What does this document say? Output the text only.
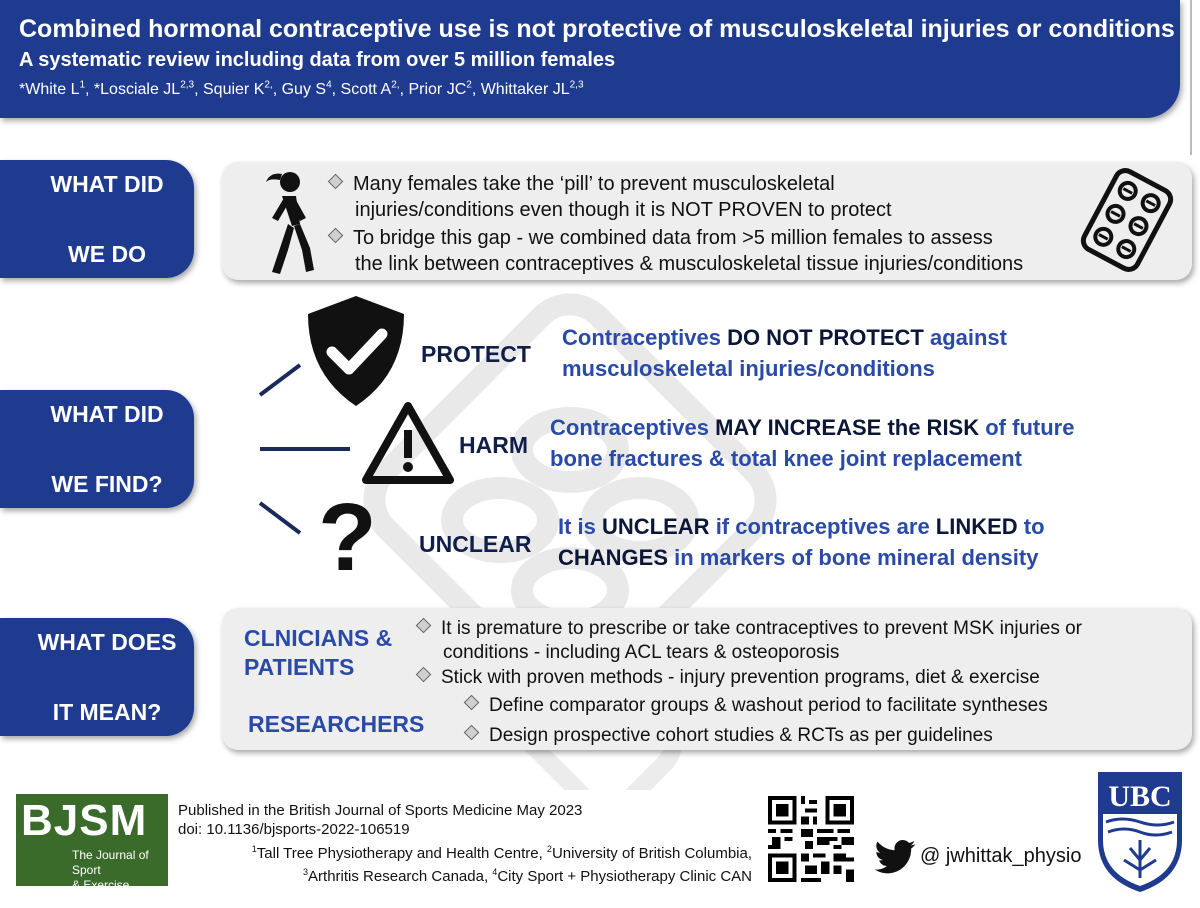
Combined hormonal contraceptive use is not protective of musculoskeletal injuries or conditions
A systematic review including data from over 5 million females
*White $L^1$, *Losciale JL$^{2,3}$, Squier $K^{2,}$, Guy $S^4$, Scott $A^{2,}$, Prior $JC^2$, Whittaker JL$^{2,3}$
WHAT DID

WE DO
Many females take the ‘pill’ to prevent musculoskeletal
injuries/conditions even though it is NOT PROVEN to protect
To bridge this gap - we combined data from >5 million females to assess
the link between contraceptives & musculoskeletal tissue injuries/conditions
WHAT DID

WE FIND?
PROTECT
Contraceptives DO NOT PROTECT against
musculoskeletal injuries/conditions
HARM
Contraceptives MAY INCREASE the RISK of future
bone fractures & total knee joint replacement
? UNCLEAR
It is UNCLEAR if contraceptives are LINKED to
CHANGES in markers of bone mineral density
WHAT DOES

IT MEAN?
CLNICIANS &
PATIENTS
RESEARCHERS
It is premature to prescribe or take contraceptives to prevent MSK injuries or
conditions - including ACL tears & osteoporosis
Stick with proven methods - injury prevention programs, diet & exercise
Define comparator groups & washout period to facilitate syntheses
Design prospective cohort studies & RCTs as per guidelines
BJSM
The Journal of Sport
& Exercise Medicine
Published in the British Journal of Sports Medicine May 2023
doi: 10.1136/bjsports-2022-106519
$^1$Tall Tree Physiotherapy and Health Centre, $^2$University of British Columbia,
$^3$Arthritis Research Canada, $^4$City Sport + Physiotherapy Clinic CAN
@ jwhittak_physio
UBC
